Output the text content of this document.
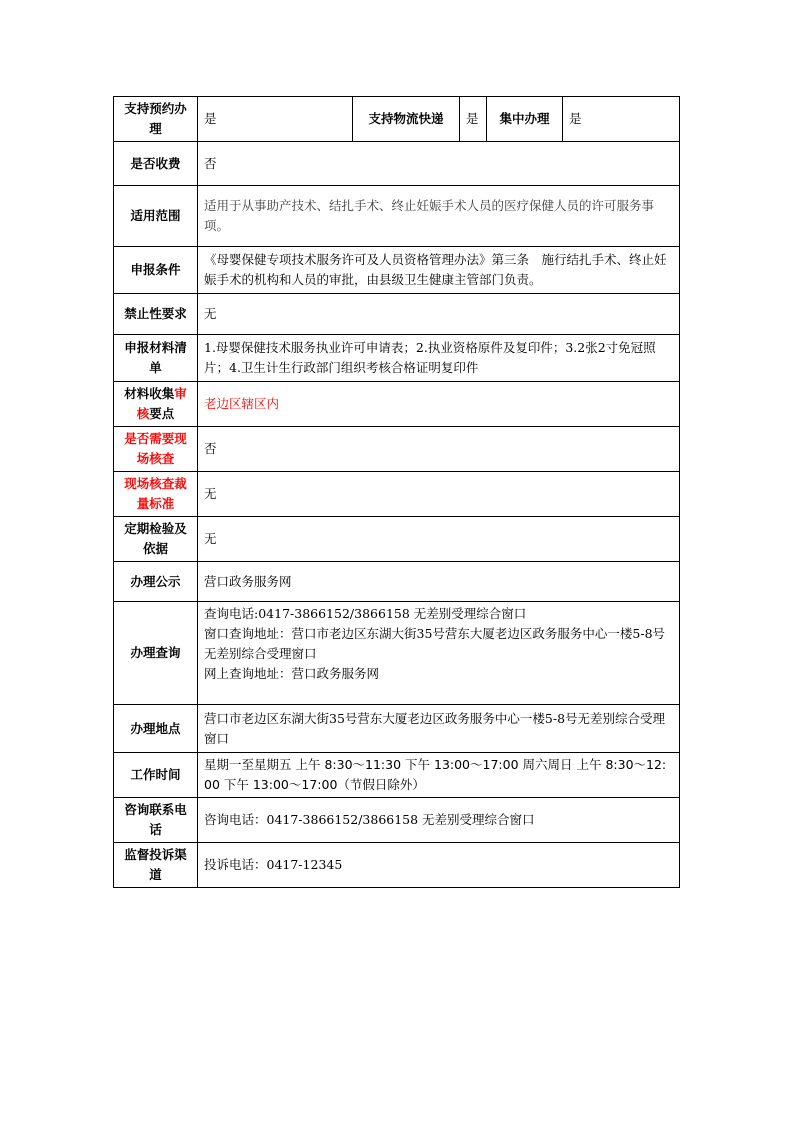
支持预约办理	是	支持物流快递	是	集中办理	是
是否收费	否				
适用范围	适用于从事助产技术、结扎手术、终止妊娠手术人员的医疗保健人员的许可服务事项。				
申报条件	《母婴保健专项技术服务许可及人员资格管理办法》第三条　施行结扎手术、终止妊娠手术的机构和人员的审批，由县级卫生健康主管部门负责。				
禁止性要求	无				
申报材料清单	1.母婴保健技术服务执业许可申请表；2.执业资格原件及复印件；3.2张2寸免冠照片；4.卫生计生行政部门组织考核合格证明复印件				
材料收集审核要点	老边区辖区内				
是否需要现场核查	否				
现场核查裁量标准	无				
定期检验及依据	无				
办理公示	营口政务服务网				
办理查询	查询电话:0417-3866152/3866158 无差别受理综合窗口
窗口查询地址：营口市老边区东湖大街35号营东大厦老边区政务服务中心一楼5-8号无差别综合受理窗口
网上查询地址：营口政务服务网				

办理地点	营口市老边区东湖大街35号营东大厦老边区政务服务中心一楼5-8号无差别综合受理窗口				
工作时间	星期一至星期五 上午 8:30～11:30 下午 13:00～17:00 周六周日 上午 8:30～12:00 下午 13:00～17:00（节假日除外）				
咨询联系电话	咨询电话：0417-3866152/3866158 无差别受理综合窗口				
监督投诉渠道	投诉电话：0417-12345				
